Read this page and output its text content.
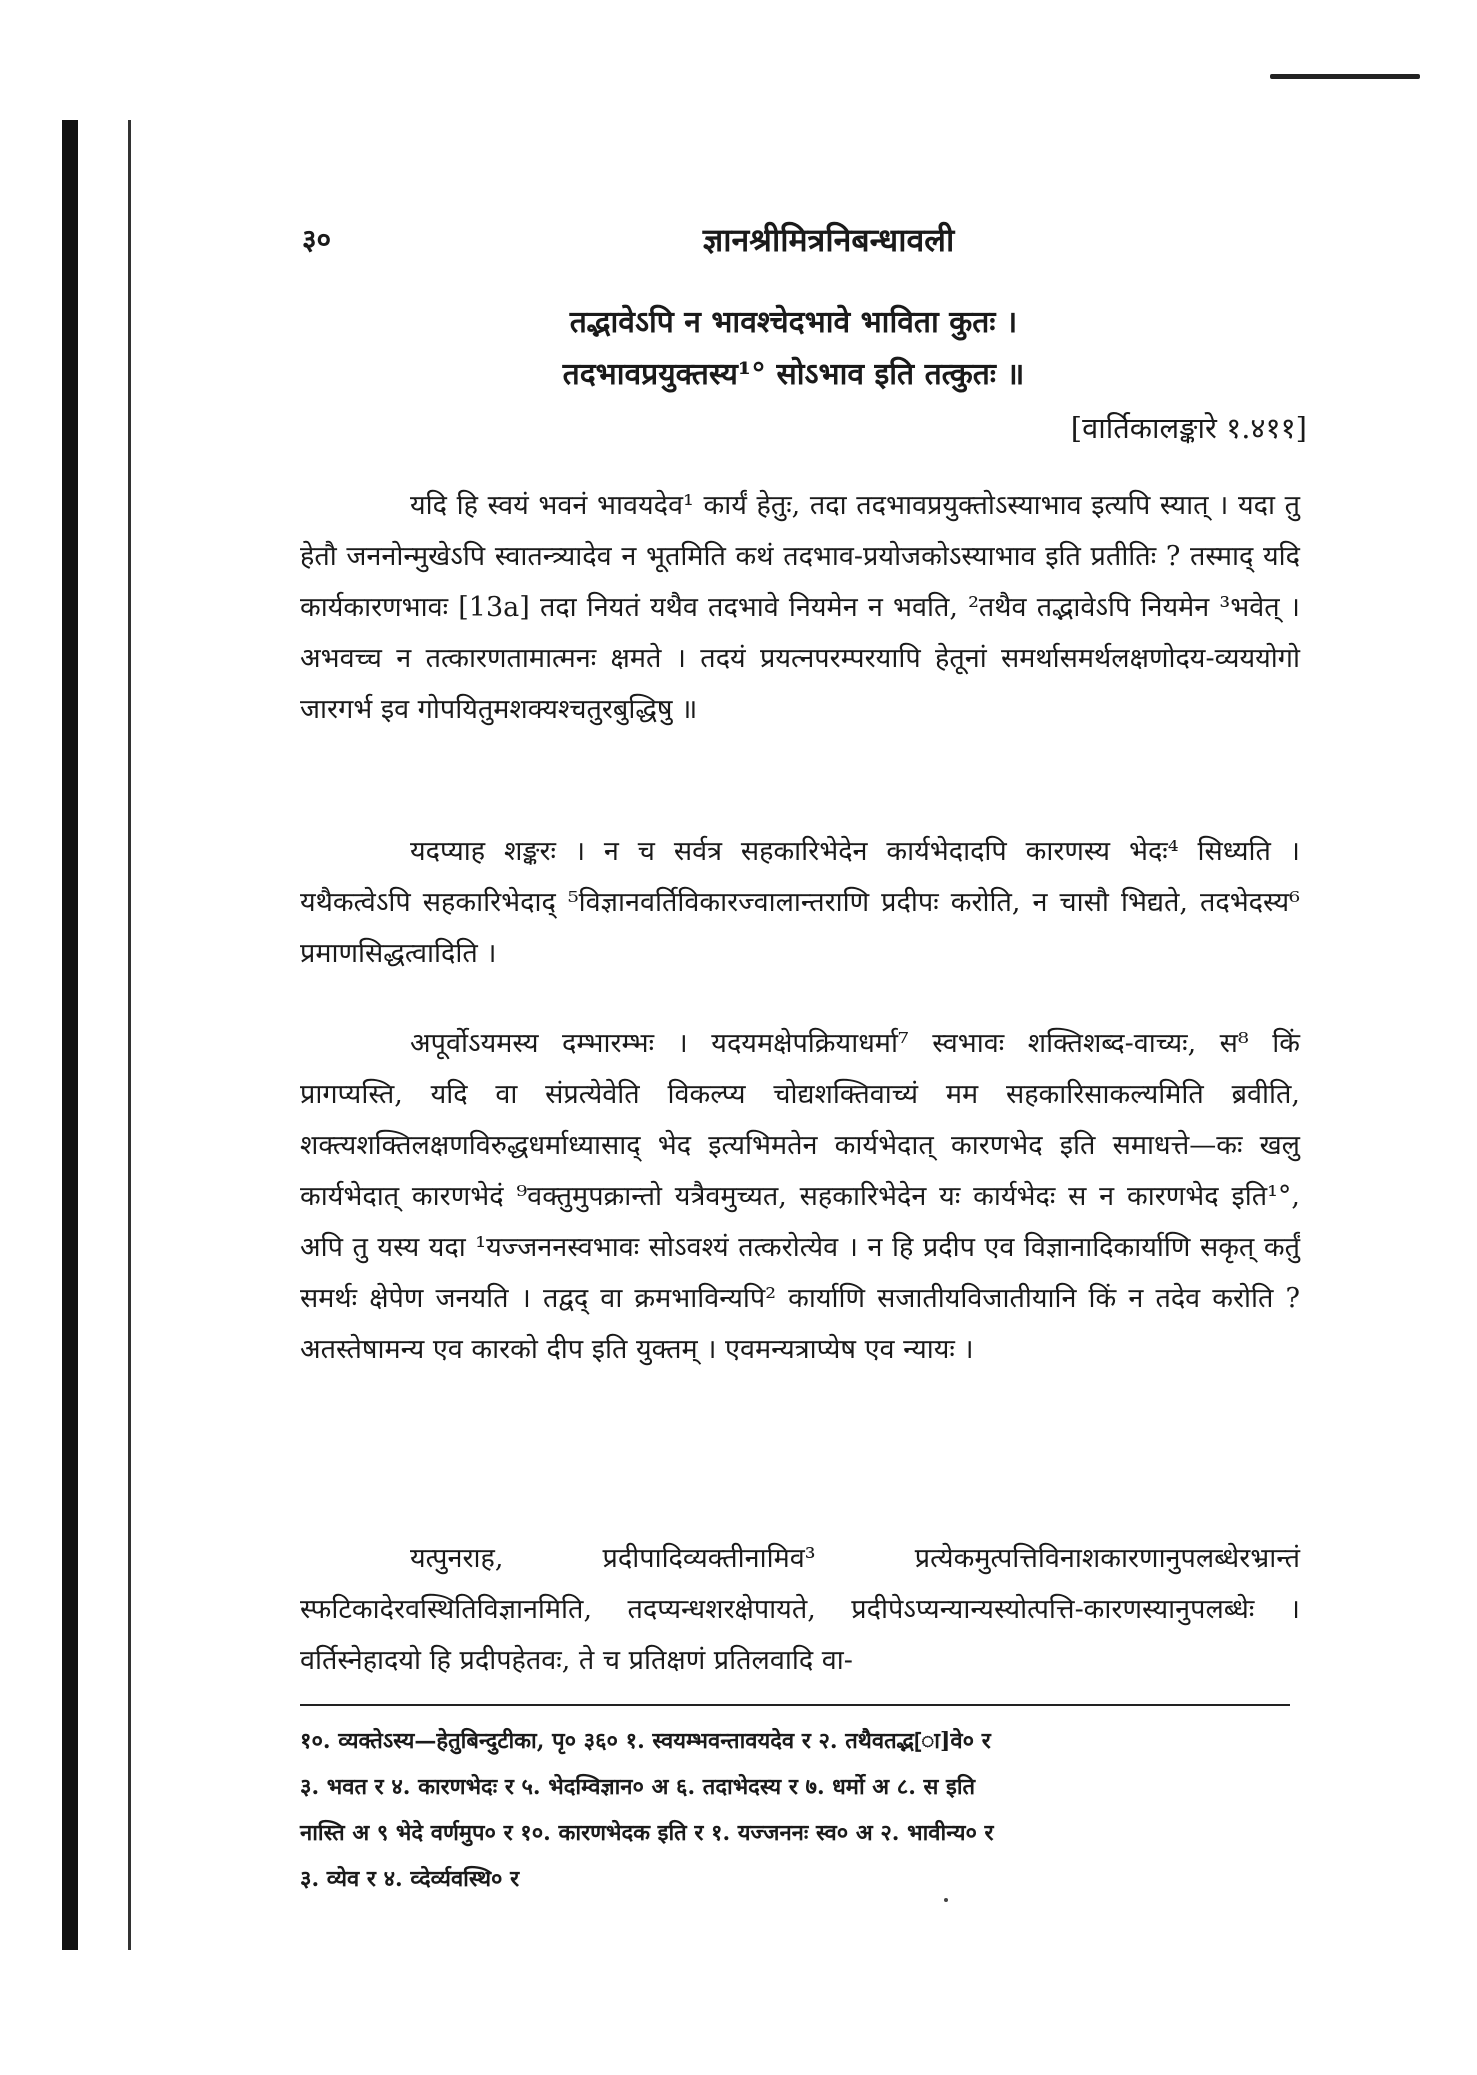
३०	ज्ञानश्रीमित्रनिबन्धावली
तद्भावेऽपि न भावश्चेदभावे भाविता कुतः ।
तदभावप्रयुक्तस्य¹° सोऽभाव इति तत्कुतः ॥
[वार्तिकालङ्कारे १.४११]
यदि हि स्वयं भवनं भावयदेव¹ कार्यं हेतुः, तदा तदभावप्रयुक्तोऽस्याभाव इत्यपि स्यात् । यदा तु हेतौ जननोन्मुखेऽपि स्वातन्त्र्यादेव न भूतमिति कथं तदभाव-प्रयोजकोऽस्याभाव इति प्रतीतिः ? तस्माद् यदि कार्यकारणभावः [13a] तदा नियतं यथैव तदभावे नियमेन न भवति, ²तथैव तद्भावेऽपि नियमेन ³भवेत् । अभवच्च न तत्कारणतामात्मनः क्षमते । तदयं प्रयत्नपरम्परयापि हेतूनां समर्थासमर्थलक्षणोदय-व्यययोगो जारगर्भ इव गोपयितुमशक्यश्चतुरबुद्धिषु ॥
यदप्याह शङ्करः । न च सर्वत्र सहकारिभेदेन कार्यभेदादपि कारणस्य भेदः⁴ सिध्यति । यथैकत्वेऽपि सहकारिभेदाद् ⁵विज्ञानवर्तिविकारज्वालान्तराणि प्रदीपः करोति, न चासौ भिद्यते, तदभेदस्य⁶ प्रमाणसिद्धत्वादिति ।
अपूर्वोऽयमस्य दम्भारम्भः । यदयमक्षेपक्रियाधर्मा⁷ स्वभावः शक्तिशब्द-वाच्यः, स⁸ किं प्रागप्यस्ति, यदि वा संप्रत्येवेति विकल्प्य चोद्यशक्तिवाच्यं मम सहकारिसाकल्यमिति ब्रवीति, शक्त्यशक्तिलक्षणविरुद्धधर्माध्यासाद् भेद इत्यभिमतेन कार्यभेदात् कारणभेद इति समाधत्ते—कः खलु कार्यभेदात् कारणभेदं ⁹वक्तुमुपक्रान्तो यत्रैवमुच्यत, सहकारिभेदेन यः कार्यभेदः स न कारणभेद इति¹°, अपि तु यस्य यदा ¹यज्जननस्वभावः सोऽवश्यं तत्करोत्येव । न हि प्रदीप एव विज्ञानादिकार्याणि सकृत् कर्तुं समर्थः क्षेपेण जनयति । तद्वद् वा क्रमभाविन्यपि² कार्याणि सजातीयविजातीयानि किं न तदेव करोति ? अतस्तेषामन्य एव कारको दीप इति युक्तम् । एवमन्यत्राप्येष एव न्यायः ।
यत्पुनराह, प्रदीपादिव्यक्तीनामिव³ प्रत्येकमुत्पत्तिविनाशकारणानुपलब्धेरभ्रान्तं स्फटिकादेरवस्थितिविज्ञानमिति, तदप्यन्धशरक्षेपायते, प्रदीपेऽप्यन्यान्यस्योत्पत्ति-कारणस्यानुपलब्धेः । वर्तिस्नेहादयो हि प्रदीपहेतवः, ते च प्रतिक्षणं प्रतिलवादि वा-
१०. व्यक्तेऽस्य—हेतुबिन्दुटीका, पृ० ३६० १. स्वयम्भवन्तावयदेव र २. तथैवतद्भ[ा]वे० र
३. भवत र ४. कारणभेदः र ५. भेदम्विज्ञान० अ ६. तदाभेदस्य र ७. धर्मो अ ८. स इति
नास्ति अ ९ भेदे वर्णमुप० र १०. कारणभेदक इति र १. यज्जननः स्व० अ २. भावीन्य० र
३. व्येव र ४. व्देर्व्यवस्थि० र
